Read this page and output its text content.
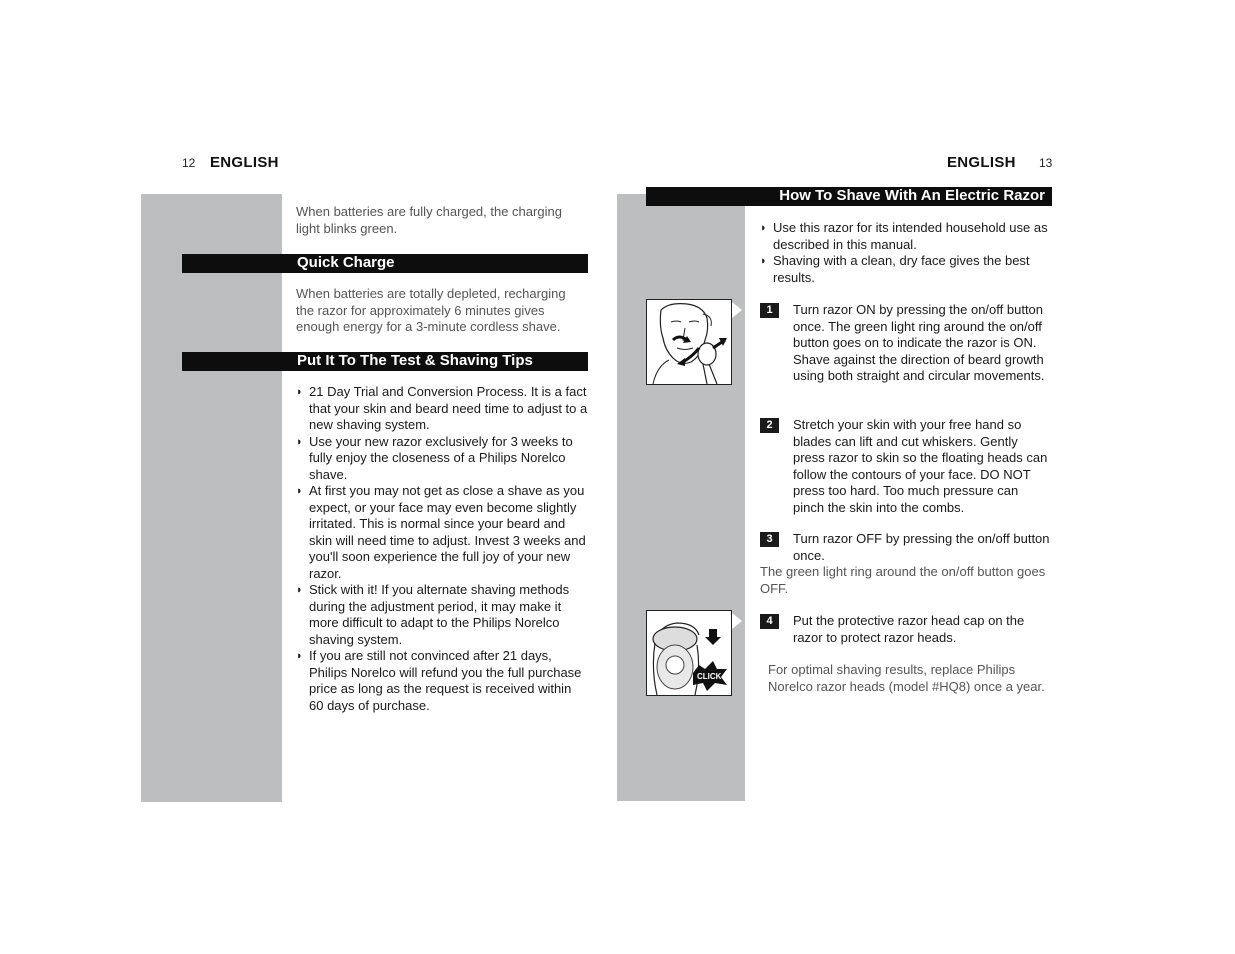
12 ENGLISH
When batteries are fully charged, the charging light blinks green.
Quick Charge
When batteries are totally depleted, recharging the razor for approximately 6 minutes gives enough energy for a 3-minute cordless shave.
Put It To The Test & Shaving Tips
◗ 21 Day Trial and Conversion Process. It is a fact that your skin and beard need time to adjust to a new shaving system.
◗ Use your new razor exclusively for 3 weeks to fully enjoy the closeness of a Philips Norelco shave.
◗ At first you may not get as close a shave as you expect, or your face may even become slightly irritated. This is normal since your beard and skin will need time to adjust. Invest 3 weeks and you'll soon experience the full joy of your new razor.
◗ Stick with it! If you alternate shaving methods during the adjustment period, it may make it more difficult to adapt to the Philips Norelco shaving system.
◗ If you are still not convinced after 21 days, Philips Norelco will refund you the full purchase price as long as the request is received within 60 days of purchase.
ENGLISH 13
How To Shave With An Electric Razor
◗ Use this razor for its intended household use as described in this manual.
◗ Shaving with a clean, dry face gives the best results.
1	Turn razor ON by pressing the on/off button once. The green light ring around the on/off button goes on to indicate the razor is ON. Shave against the direction of beard growth using both straight and circular movements.
2	Stretch your skin with your free hand so blades can lift and cut whiskers. Gently press razor to skin so the floating heads can follow the contours of your face. DO NOT press too hard. Too much pressure can pinch the skin into the combs.
3	Turn razor OFF by pressing the on/off button once.
The green light ring around the on/off button goes OFF.
CLICK
4	Put the protective razor head cap on the razor to protect razor heads.
For optimal shaving results, replace Philips Norelco razor heads (model #HQ8) once a year.
